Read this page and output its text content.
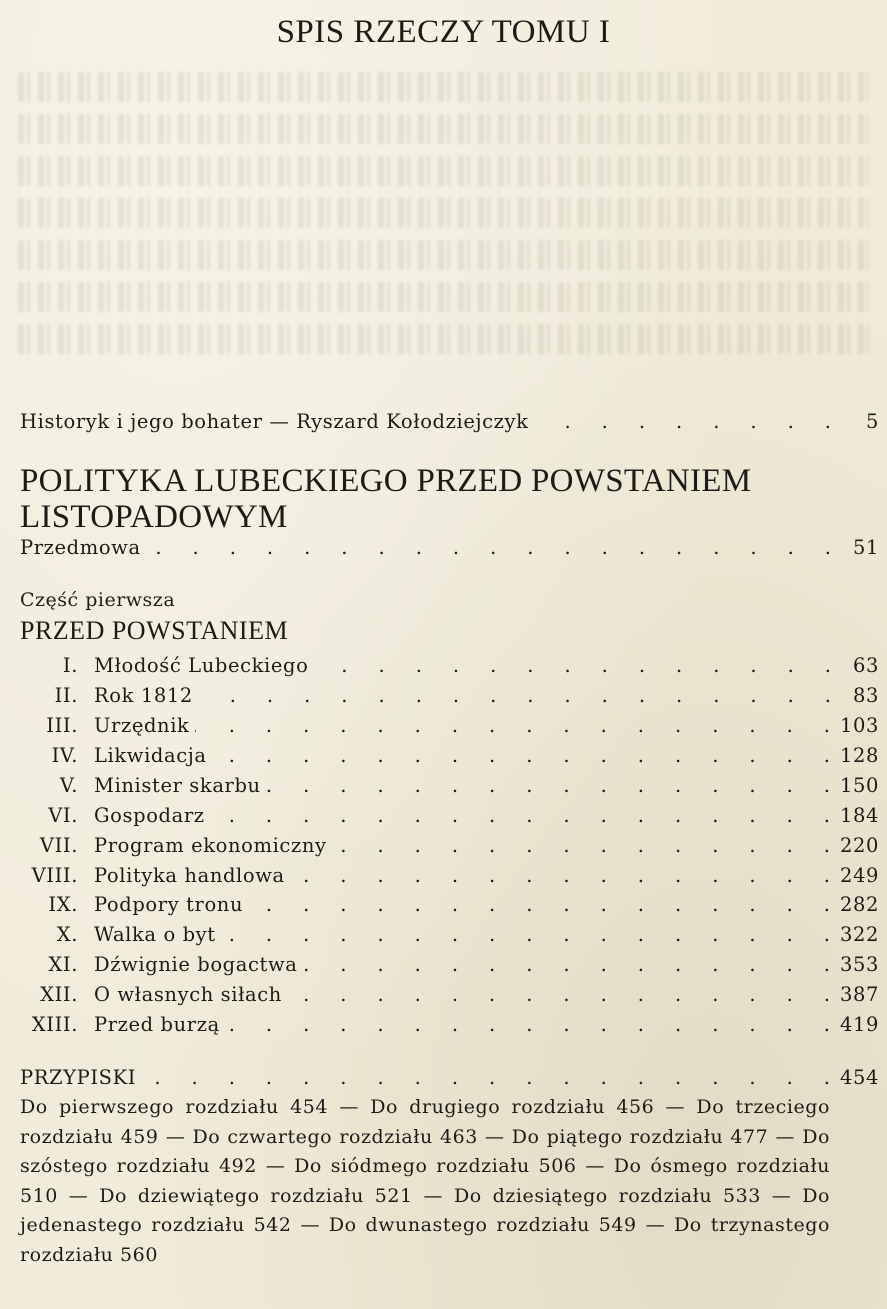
SPIS RZECZY TOMU I
Historyk i jego bohater — Ryszard Kołodziejczyk .	5
POLITYKA LUBECKIEGO PRZED POWSTANIEM
LISTOPADOWYM
Przedmowa .	51
Część pierwsza
PRZED POWSTANIEM
I. Młodość Lubeckiego .	63
II. Rok 1812 .	83
III. Urzędnik .	103
IV. Likwidacja .	128
V. Minister skarbu .	150
VI. Gospodarz .	184
VII. Program ekonomiczny .	220
VIII. Polityka handlowa .	249
IX. Podpory tronu .	282
X. Walka o byt .	322
XI. Dźwignie bogactwa .	353
XII. O własnych siłach .	387
XIII. Przed burzą .	419
PRZYPISKI .	454
Do pierwszego rozdziału 454 — Do drugiego rozdziału 456 — Do trzeciego rozdziału 459 — Do czwartego rozdziału 463 — Do piątego rozdziału 477 — Do szóstego rozdziału 492 — Do siódmego rozdziału 506 — Do ósmego rozdziału 510 — Do dziewiątego rozdziału 521 — Do dziesiątego rozdziału 533 — Do jedenastego rozdziału 542 — Do dwunastego rozdziału 549 — Do trzynastego rozdziału 560
